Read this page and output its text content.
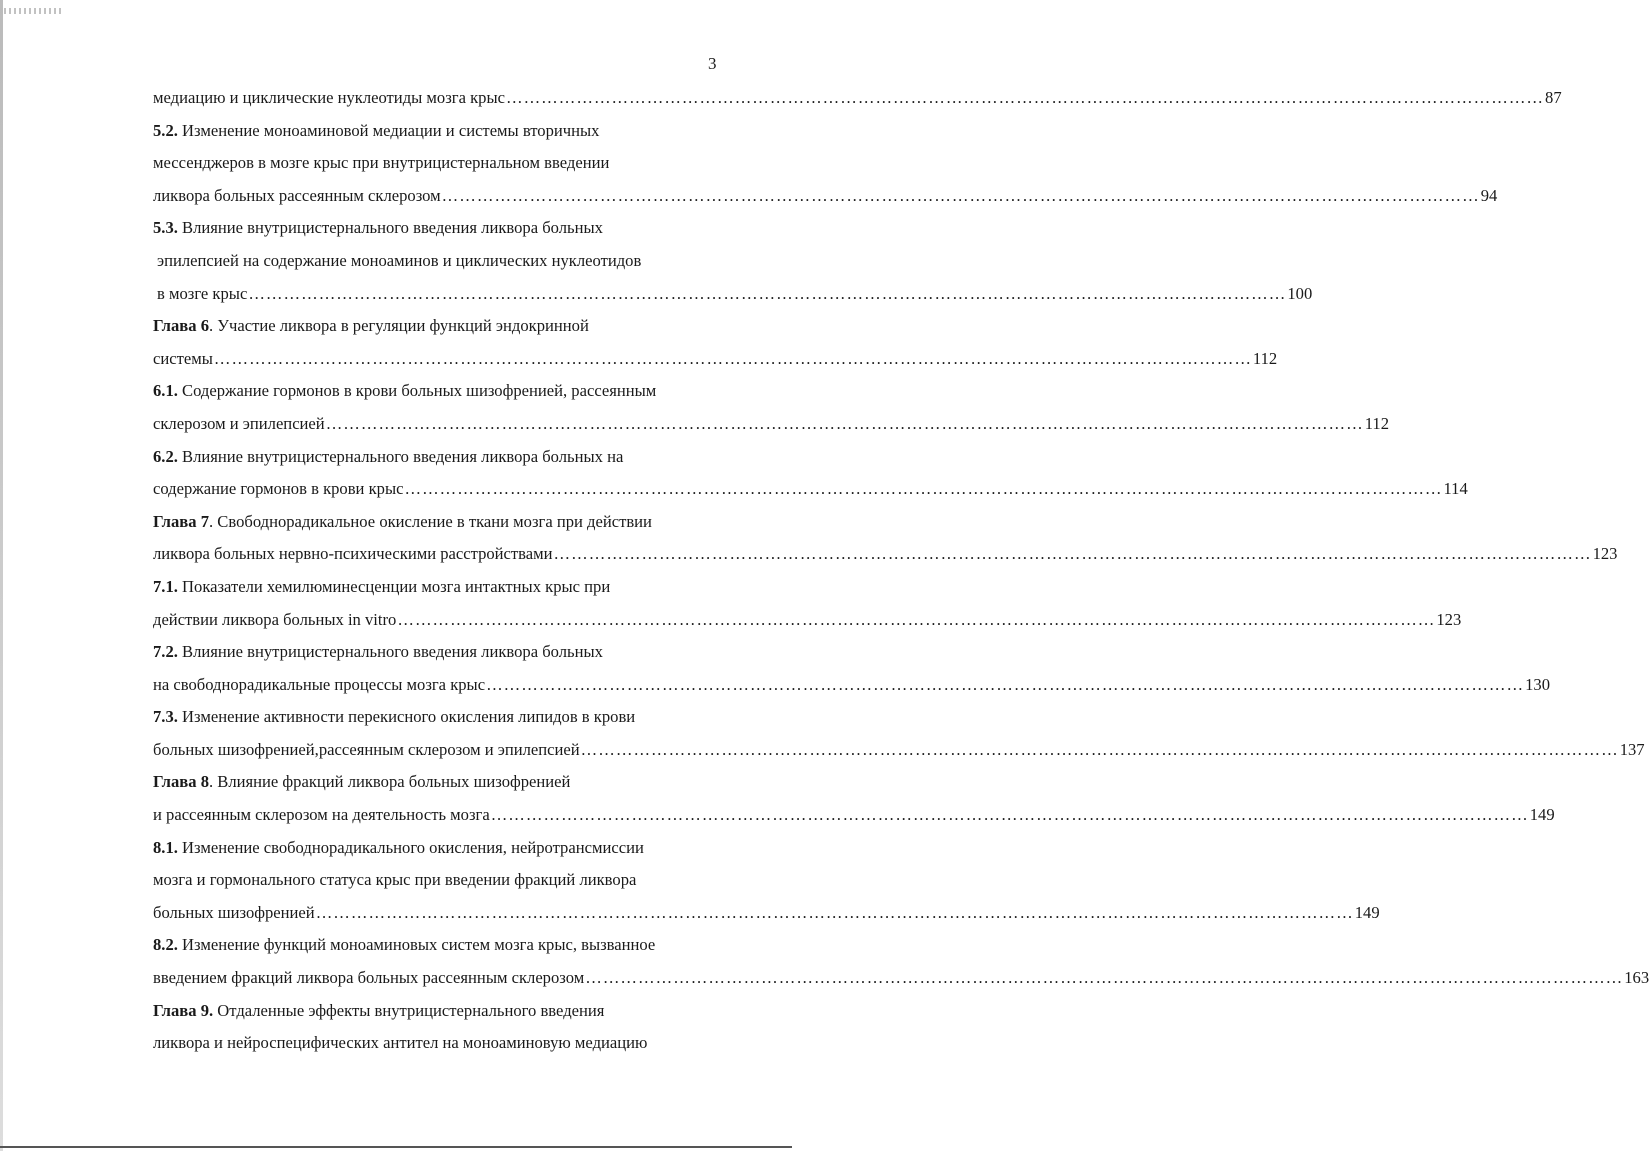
3
медиацию и циклические нуклеотиды мозга крыс …………………………………………………………………………………………………………………………………………………………… 87
5.2. Изменение моноаминовой медиации и системы вторичных
мессенджеров в мозге крыс при внутрицистернальном введении
ликвора больных рассеянным склерозом …………………………………………………………………………………………………………………………………………………………… 94
5.3. Влияние внутрицистернального введения ликвора больных
эпилепсией на содержание моноаминов и циклических нуклеотидов
в мозге крыс …………………………………………………………………………………………………………………………………………………………… 100
Глава 6. Участие ликвора в регуляции функций эндокринной
системы …………………………………………………………………………………………………………………………………………………………… 112
6.1. Содержание гормонов в крови больных шизофренией, рассеянным
склерозом и эпилепсией …………………………………………………………………………………………………………………………………………………………… 112
6.2. Влияние внутрицистернального введения ликвора больных на
содержание гормонов в крови крыс …………………………………………………………………………………………………………………………………………………………… 114
Глава 7. Свободнорадикальное окисление в ткани мозга при действии
ликвора больных нервно-психическими расстройствами …………………………………………………………………………………………………………………………………………………………… 123
7.1. Показатели хемилюминесценции мозга интактных крыс при
действии ликвора больных in vitro …………………………………………………………………………………………………………………………………………………………… 123
7.2. Влияние внутрицистернального введения ликвора больных
на свободнорадикальные процессы мозга крыс …………………………………………………………………………………………………………………………………………………………… 130
7.3. Изменение активности перекисного окисления липидов в крови
больных шизофренией,рассеянным склерозом и эпилепсией …………………………………………………………………………………………………………………………………………………………… 137
Глава 8. Влияние фракций ликвора больных шизофренией
и рассеянным склерозом на деятельность мозга …………………………………………………………………………………………………………………………………………………………… 149
8.1. Изменение свободнорадикального окисления, нейротрансмиссии
мозга и гормонального статуса крыс при введении фракций ликвора
больных шизофренией …………………………………………………………………………………………………………………………………………………………… 149
8.2. Изменение функций моноаминовых систем мозга крыс, вызванное
введением фракций ликвора больных рассеянным склерозом …………………………………………………………………………………………………………………………………………………………… 163
Глава 9. Отдаленные эффекты внутрицистернального введения
ликвора и нейроспецифических антител на моноаминовую медиацию
